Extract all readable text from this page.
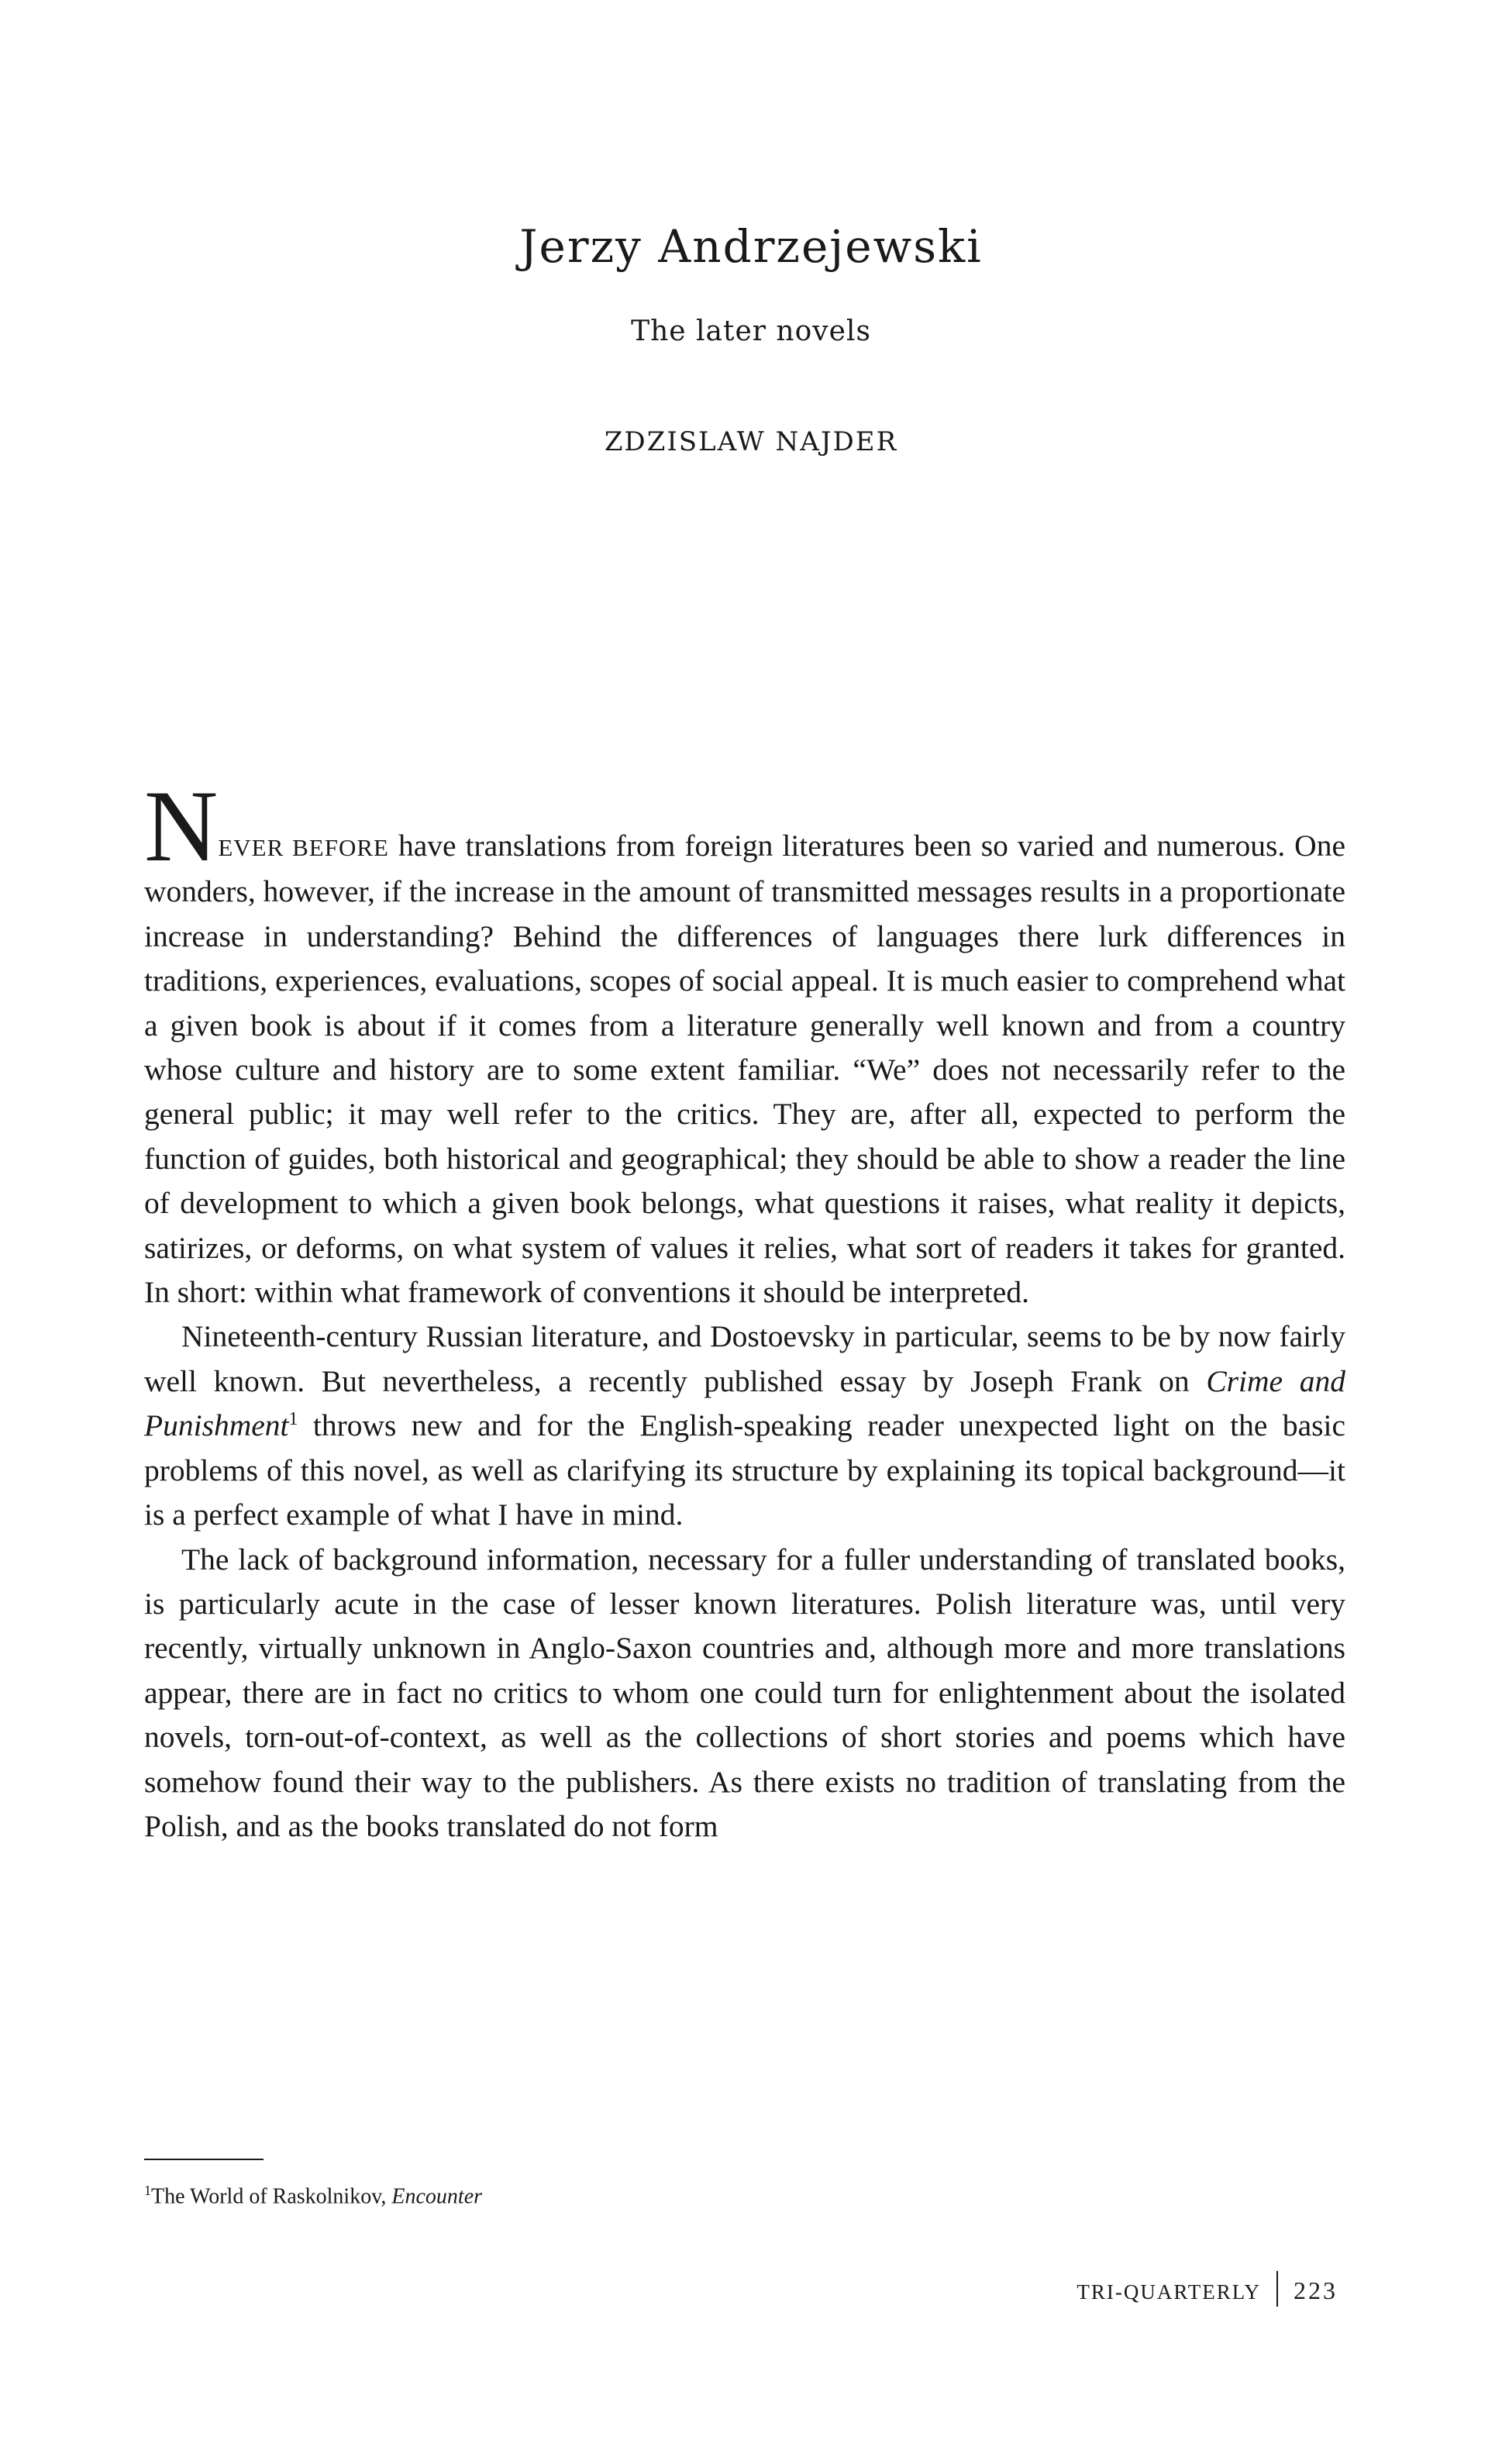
Jerzy Andrzejewski
The later novels
ZDZISLAW NAJDER

NEVER BEFORE have translations from foreign literatures been so varied and numerous. One wonders, however, if the increase in the amount of transmitted messages results in a proportionate increase in understanding? Behind the differences of languages there lurk differences in traditions, experiences, evaluations, scopes of social appeal. It is much easier to comprehend what a given book is about if it comes from a literature generally well known and from a country whose culture and history are to some extent familiar. “We” does not necessarily refer to the general public; it may well refer to the critics. They are, after all, expected to perform the function of guides, both historical and geographical; they should be able to show a reader the line of development to which a given book belongs, what questions it raises, what reality it depicts, satirizes, or deforms, on what system of values it relies, what sort of readers it takes for granted. In short: within what framework of conventions it should be interpreted.

Nineteenth-century Russian literature, and Dostoevsky in particular, seems to be by now fairly well known. But nevertheless, a recently published essay by Joseph Frank on Crime and Punishment$^1$ throws new and for the English-speaking reader unexpected light on the basic problems of this novel, as well as clarifying its structure by explaining its topical background—it is a perfect example of what I have in mind.

The lack of background information, necessary for a fuller understanding of translated books, is particularly acute in the case of lesser known literatures. Polish literature was, until very recently, virtually unknown in Anglo-Saxon countries and, although more and more translations appear, there are in fact no critics to whom one could turn for enlightenment about the isolated novels, torn-out-of-context, as well as the collections of short stories and poems which have somehow found their way to the publishers. As there exists no tradition of translating from the Polish, and as the books translated do not form

$^1$The World of Raskolnikov, Encounter
TRI-QUARTERLY 223
